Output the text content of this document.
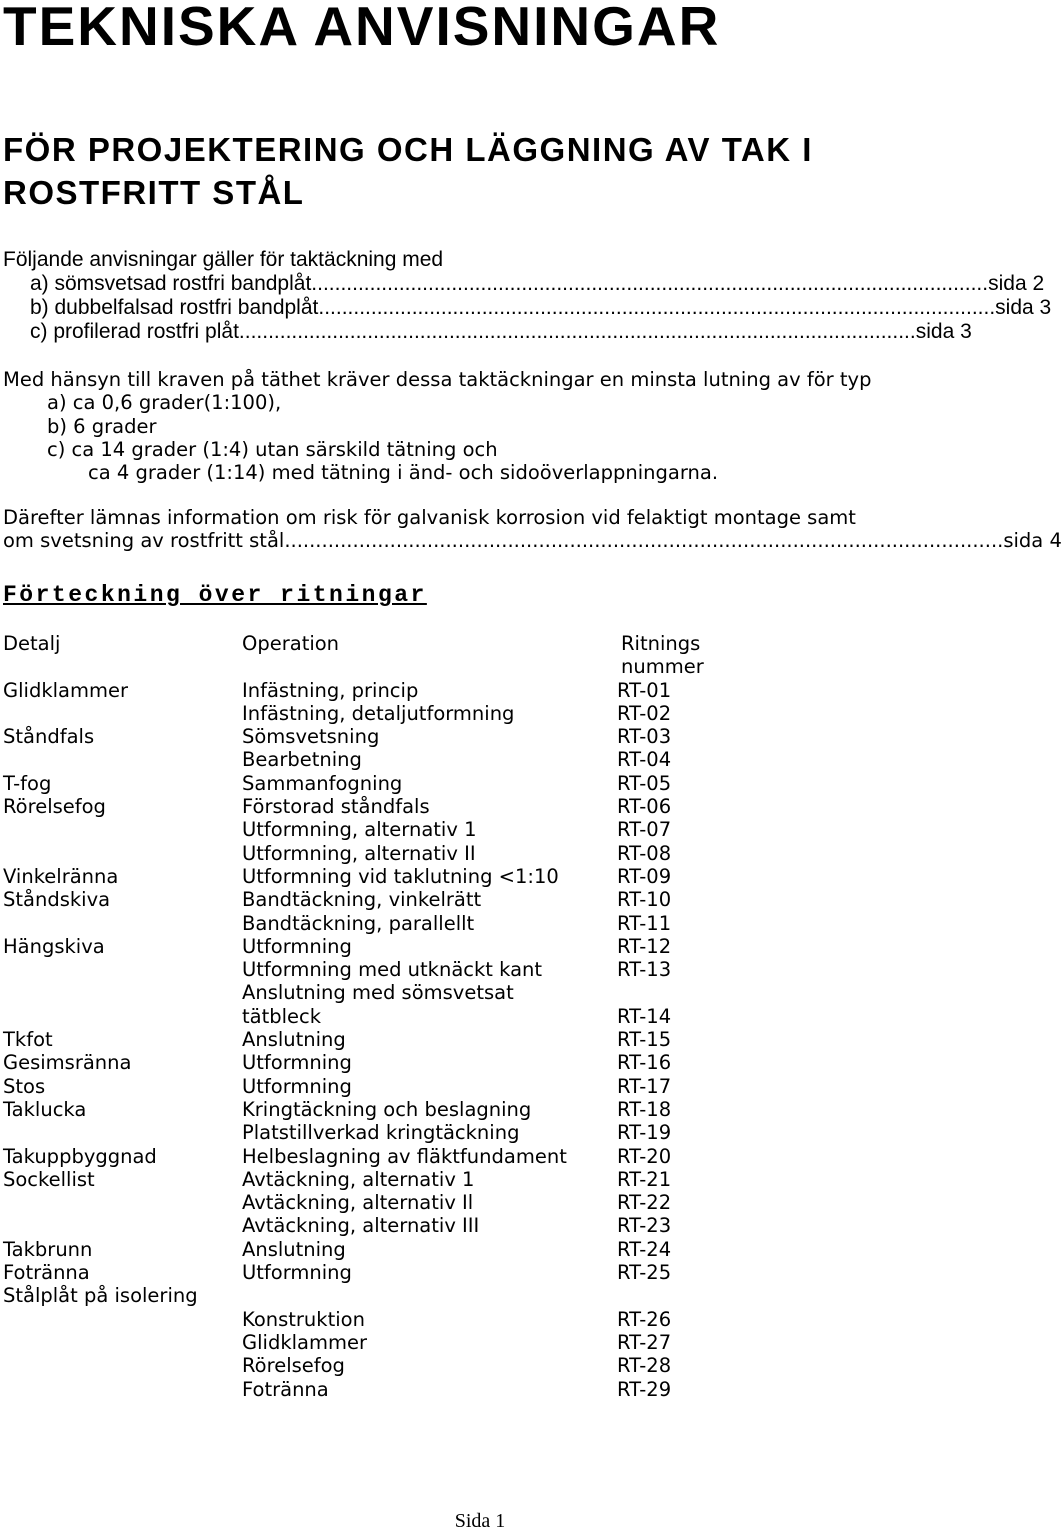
TEKNISKA ANVISNINGAR
FÖR PROJEKTERING OCH LÄGGNING AV TAK I ROSTFRITT STÅL
Följande anvisningar gäller för taktäckning med
a) sömsvetsad rostfri bandplåt .................................................................................................................... sida 2
b) dubbelfalsad rostfri bandplåt .................................................................................................................... sida 3
c) profilerad rostfri plåt .................................................................................................................... sida 3
Med hänsyn till kraven på täthet kräver dessa taktäckningar en minsta lutning av för typ
a) ca 0,6 grader(1:100),
b) 6 grader
c) ca 14 grader (1:4) utan särskild tätning och
ca 4 grader (1:14) med tätning i änd- och sidoöverlappningarna.
Därefter lämnas information om risk för galvanisk korrosion vid felaktigt montage samt
om svetsning av rostfritt stål .................................................................................................................... sida 4
Förteckning över ritningar
Detalj	Operation	Ritnings nummer
Glidklammer	Infästning, princip	RT-01
Infästning, detaljutformning	RT-02
Ståndfals	Sömsvetsning	RT-03
Bearbetning	RT-04
T-fog	Sammanfogning	RT-05
Rörelsefog	Förstorad ståndfals	RT-06
Utformning, alternativ 1	RT-07
Utformning, alternativ II	RT-08
Vinkelränna	Utformning vid taklutning <1:10	RT-09
Ståndskiva	Bandtäckning, vinkelrätt	RT-10
Bandtäckning, parallellt	RT-11
Hängskiva	Utformning	RT-12
Utformning med utknäckt kant	RT-13
Anslutning med sömsvetsat tätbleck	RT-14
Tkfot	Anslutning	RT-15
Gesimsränna	Utformning	RT-16
Stos	Utformning	RT-17
Taklucka	Kringtäckning och beslagning	RT-18
Platstillverkad kringtäckning	RT-19
Takuppbyggnad	Helbeslagning av fläktfundament	RT-20
Sockellist	Avtäckning, alternativ 1	RT-21
Avtäckning, alternativ Il	RT-22
Avtäckning, alternativ III	RT-23
Takbrunn	Anslutning	RT-24
Fotränna	Utformning	RT-25
Stålplåt på isolering
Konstruktion	RT-26
Glidklammer	RT-27
Rörelsefog	RT-28
Fotränna	RT-29
Sida 1
